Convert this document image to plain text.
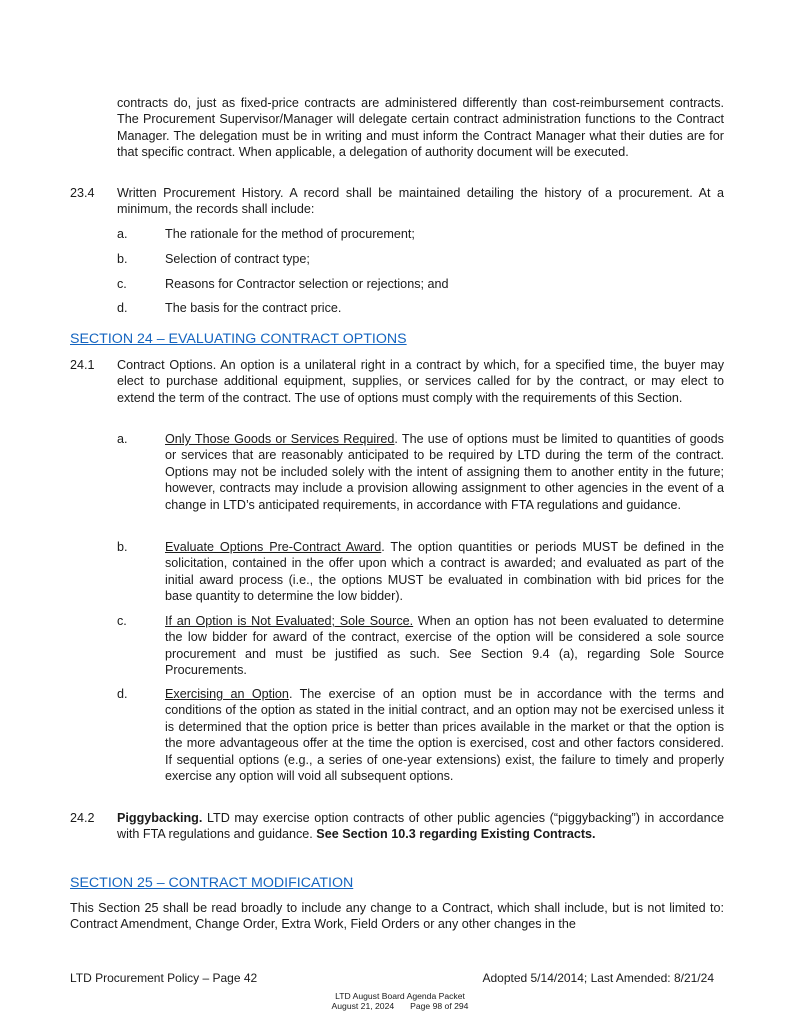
contracts do, just as fixed-price contracts are administered differently than cost-reimbursement contracts. The Procurement Supervisor/Manager will delegate certain contract administration functions to the Contract Manager. The delegation must be in writing and must inform the Contract Manager what their duties are for that specific contract. When applicable, a delegation of authority document will be executed.

23.4 Written Procurement History. A record shall be maintained detailing the history of a procurement. At a minimum, the records shall include:

a.	The rationale for the method of procurement;
b.	Selection of contract type;
c.	Reasons for Contractor selection or rejections; and
d.	The basis for the contract price.
SECTION 24 – EVALUATING CONTRACT OPTIONS
24.1 Contract Options. An option is a unilateral right in a contract by which, for a specified time, the buyer may elect to purchase additional equipment, supplies, or services called for by the contract, or may elect to extend the term of the contract. The use of options must comply with the requirements of this Section.

a.	Only Those Goods or Services Required. The use of options must be limited to quantities of goods or services that are reasonably anticipated to be required by LTD during the term of the contract. Options may not be included solely with the intent of assigning them to another entity in the future; however, contracts may include a provision allowing assignment to other agencies in the event of a change in LTD’s anticipated requirements, in accordance with FTA regulations and guidance.

b.	Evaluate Options Pre-Contract Award. The option quantities or periods MUST be defined in the solicitation, contained in the offer upon which a contract is awarded; and evaluated as part of the initial award process (i.e., the options MUST be evaluated in combination with bid prices for the base quantity to determine the low bidder).

c.	If an Option is Not Evaluated; Sole Source. When an option has not been evaluated to determine the low bidder for award of the contract, exercise of the option will be considered a sole source procurement and must be justified as such. See Section 9.4 (a), regarding Sole Source Procurements.

d.	Exercising an Option. The exercise of an option must be in accordance with the terms and conditions of the option as stated in the initial contract, and an option may not be exercised unless it is determined that the option price is better than prices available in the market or that the option is the more advantageous offer at the time the option is exercised, cost and other factors considered. If sequential options (e.g., a series of one-year extensions) exist, the failure to timely and properly exercise any option will void all subsequent options.

24.2 Piggybacking. LTD may exercise option contracts of other public agencies (“piggybacking”) in accordance with FTA regulations and guidance. See Section 10.3 regarding Existing Contracts.

SECTION 25 – CONTRACT MODIFICATION

This Section 25 shall be read broadly to include any change to a Contract, which shall include, but is not limited to: Contract Amendment, Change Order, Extra Work, Field Orders or any other changes in the

LTD Procurement Policy – Page 42	Adopted 5/14/2014; Last Amended: 8/21/24
LTD August Board Agenda Packet
August 21, 2024 Page 98 of 294
